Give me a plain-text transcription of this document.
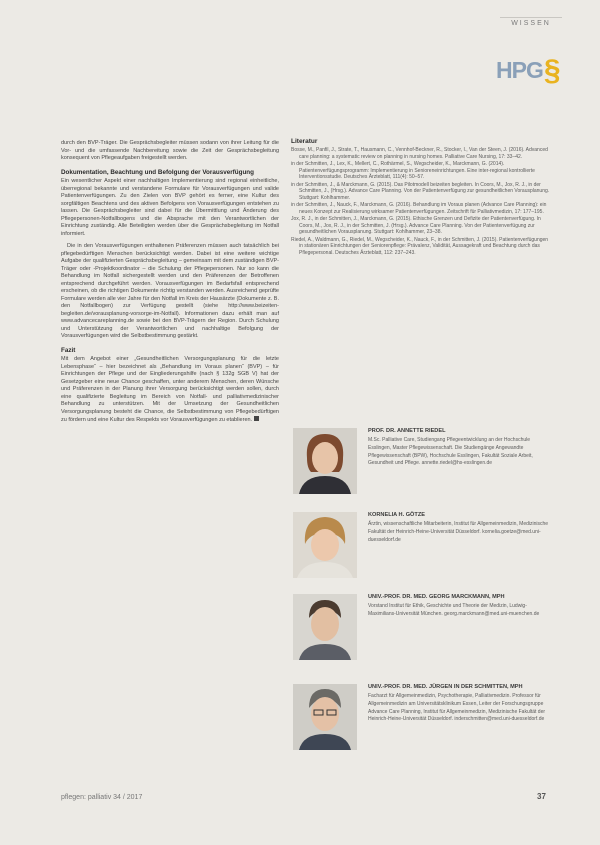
WISSEN
HPG§

durch den BVP-Träger. Die Gesprächsbegleiter müssen sodann von ihrer Leitung für die Vor- und die umfassende Nachbereitung sowie die Zeit der Gesprächsbegleitung konsequent von Pflegeaufgaben freigestellt werden.

Dokumentation, Beachtung und Befolgung der Vorausverfügung

Ein wesentlicher Aspekt einer nachhaltigen Implementierung sind regional einheitliche, überregional bekannte und verstandene Formulare für Vorausverfügungen und valide Patientenverfügungen. Zu den Zielen von BVP gehört es ferner, eine Kultur des sorgfältigen Beachtens und des aktiven Befolgens von Vorausverfügungen entstehen zu lassen. Die Gesprächsbegleiter sind dabei für die Übermittlung und Änderung des Pflegepersonen-Notfallbogens und die Absprache mit den Verantwortlichen der Einrichtung zuständig. Alle Beteiligten werden über die Gesprächsbegleitung im Notfall informiert.

Die in den Vorausverfügungen enthaltenen Präferenzen müssen auch tatsächlich bei pflegebedürftigen Menschen berücksichtigt werden. Dabei ist eine weitere wichtige Aufgabe der qualifizierten Gesprächsbegleitung – gemeinsam mit dem zuständigen BVP-Träger oder -Projektkoordinator – die Schulung der Pflegepersonen. Nur so kann die Behandlung im Notfall sichergestellt werden und den Präferenzen der Betroffenen entsprechend durchgeführt werden. Vorausverfügungen im Bedarfsfall entsprechend erscheinen, ob die richtigen Dokumente richtig verstanden werden. Ausreichend geprüfte Formulare werden alle vier Jahre für den Notfall im Kreis der Hausärzte (Dokumente z. B. den Notfallbogen) zur Verfügung gestellt (siehe http://www.beizeiten-begleiten.de/vorausplanung-vorsorge-im-Notfall). Informationen dazu erhält man auf www.advancecareplanning.de sowie bei den BVP-Trägern der Region. Durch Schulung und Unterstützung der Verantwortlichen und nachhaltige Befolgung der Vorausverfügungen wird die Selbstbestimmung gestärkt.

Fazit

Mit dem Angebot einer „Gesundheitlichen Versorgungsplanung für die letzte Lebensphase“ – hier bezeichnet als „Behandlung im Voraus planen“ (BVP) – für Einrichtungen der Pflege und der Eingliederungshilfe (nach § 132g SGB V) hat der Gesetzgeber eine neue Chance geschaffen, unter anderem Menschen, deren Wünsche und Präferenzen in der Planung ihrer Versorgung berücksichtigt werden sollen, durch eine qualifizierte Begleitung im Bereich von Notfall- und palliativmedizinischer Behandlung zu unterstützen. Mit der Umsetzung der Gesundheitlichen Versorgungsplanung besteht die Chance, die Selbstbestimmung von Pflegebedürftigen zu fördern und eine Kultur des Respekts vor Vorausverfügungen zu etablieren.

Literatur

Bosse, M., Panfil, J., Strate, T., Hausmann, C., Vennhof-Beckner, R., Stocker, I., Van der Steen, J. (2016). Advanced care planning: a systematic review on planning in nursing homes. Palliative Care Nursing, 17: 33–42.

in der Schmitten, J., Lex, K., Mellert, C., Rothärmel, S., Wegscheider, K., Marckmann, G. (2014). Patientenverfügungsprogramm: Implementierung in Senioreneinrichtungen. Eine inter-regional kontrollierte Interventionsstudie. Deutsches Ärzteblatt, 111(4): 50–57.

in der Schmitten, J., & Marckmann, G. (2015). Das Pilotmodell beizeiten begleiten. In Coors, M., Jox, R. J., in der Schmitten, J., (Hrsg.). Advance Care Planning. Von der Patientenverfügung zur gesundheitlichen Vorausplanung. Stuttgart: Kohlhammer.

in der Schmitten, J., Nauck, F., Marckmann, G. (2016). Behandlung im Voraus planen (Advance Care Planning): ein neues Konzept zur Realisierung wirksamer Patientenverfügungen. Zeitschrift für Palliativmedizin, 17: 177–195.

Jox, R. J., in der Schmitten, J., Marckmann, G. (2015). Ethische Grenzen und Defizite der Patientenverfügung. In Coors, M., Jox, R. J., in der Schmitten, J. (Hrsg.). Advance Care Planning. Von der Patientenverfügung zur gesundheitlichen Vorausplanung. Stuttgart: Kohlhammer, 23–38.

Riedel, A., Waldmann, G., Riedel, M., Wegscheider, K., Nauck, F., in der Schmitten, J. (2015). Patientenverfügungen in stationären Einrichtungen der Seniorenpflege: Prävalenz, Validität, Aussagekraft und Beachtung durch das Pflegepersonal. Deutsches Ärzteblatt, 112: 237–243.

PROF. DR. ANNETTE RIEDEL
M.Sc. Palliative Care, Studiengang Pflegeentwicklung an der Hochschule Esslingen, Master Pflegewissenschaft. Die Studiengänge Angewandte Pflegewissenschaft (BPW), Hochschule Esslingen, Fakultät Soziale Arbeit, Gesundheit und Pflege. annette.riedel@hs-esslingen.de
KORNELIA H. GÖTZE
Ärztin, wissenschaftliche Mitarbeiterin, Institut für Allgemeinmedizin, Medizinische Fakultät der Heinrich-Heine-Universität Düsseldorf. kornelia.goetze@med.uni-duesseldorf.de
UNIV.-PROF. DR. MED. GEORG MARCKMANN, MPH
Vorstand Institut für Ethik, Geschichte und Theorie der Medizin, Ludwig-Maximilians-Universität München. georg.marckmann@med.uni-muenchen.de
UNIV.-PROF. DR. MED. JÜRGEN IN DER SCHMITTEN, MPH
Facharzt für Allgemeinmedizin, Psychotherapie, Palliativmedizin. Professor für Allgemeinmedizin am Universitätsklinikum Essen, Leiter der Forschungsgruppe Advance Care Planning, Institut für Allgemeinmedizin, Medizinische Fakultät der Heinrich-Heine-Universität Düsseldorf. inderschmitten@med.uni-duesseldorf.de
pflegen: palliativ 34 / 2017	37
